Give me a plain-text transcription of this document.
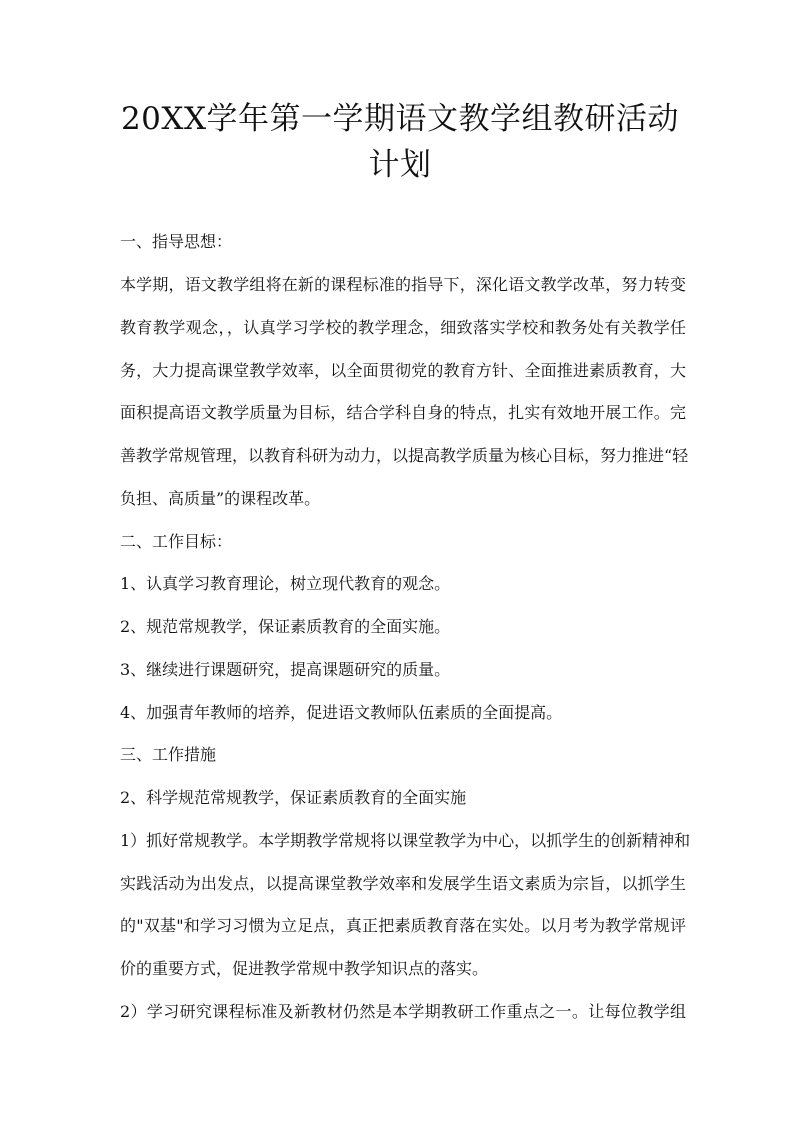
20XX学年第一学期语文教学组教研活动计划

一、指导思想：

本学期，语文教学组将在新的课程标准的指导下，深化语文教学改革，努力转变

教育教学观念，，认真学习学校的教学理念，细致落实学校和教务处有关教学任

务，大力提高课堂教学效率，以全面贯彻党的教育方针、全面推进素质教育，大

面积提高语文教学质量为目标，结合学科自身的特点，扎实有效地开展工作。完

善教学常规管理，以教育科研为动力，以提高教学质量为核心目标，努力推进“轻

负担、高质量”的课程改革。

二、工作目标：

1、认真学习教育理论，树立现代教育的观念。

2、规范常规教学，保证素质教育的全面实施。

3、继续进行课题研究，提高课题研究的质量。

4、加强青年教师的培养，促进语文教师队伍素质的全面提高。

三、工作措施

2、科学规范常规教学，保证素质教育的全面实施

1）抓好常规教学。本学期教学常规将以课堂教学为中心，以抓学生的创新精神和

实践活动为出发点，以提高课堂教学效率和发展学生语文素质为宗旨，以抓学生

的"双基"和学习习惯为立足点，真正把素质教育落在实处。以月考为教学常规评

价的重要方式，促进教学常规中教学知识点的落实。

2）学习研究课程标准及新教材仍然是本学期教研工作重点之一。让每位教学组
